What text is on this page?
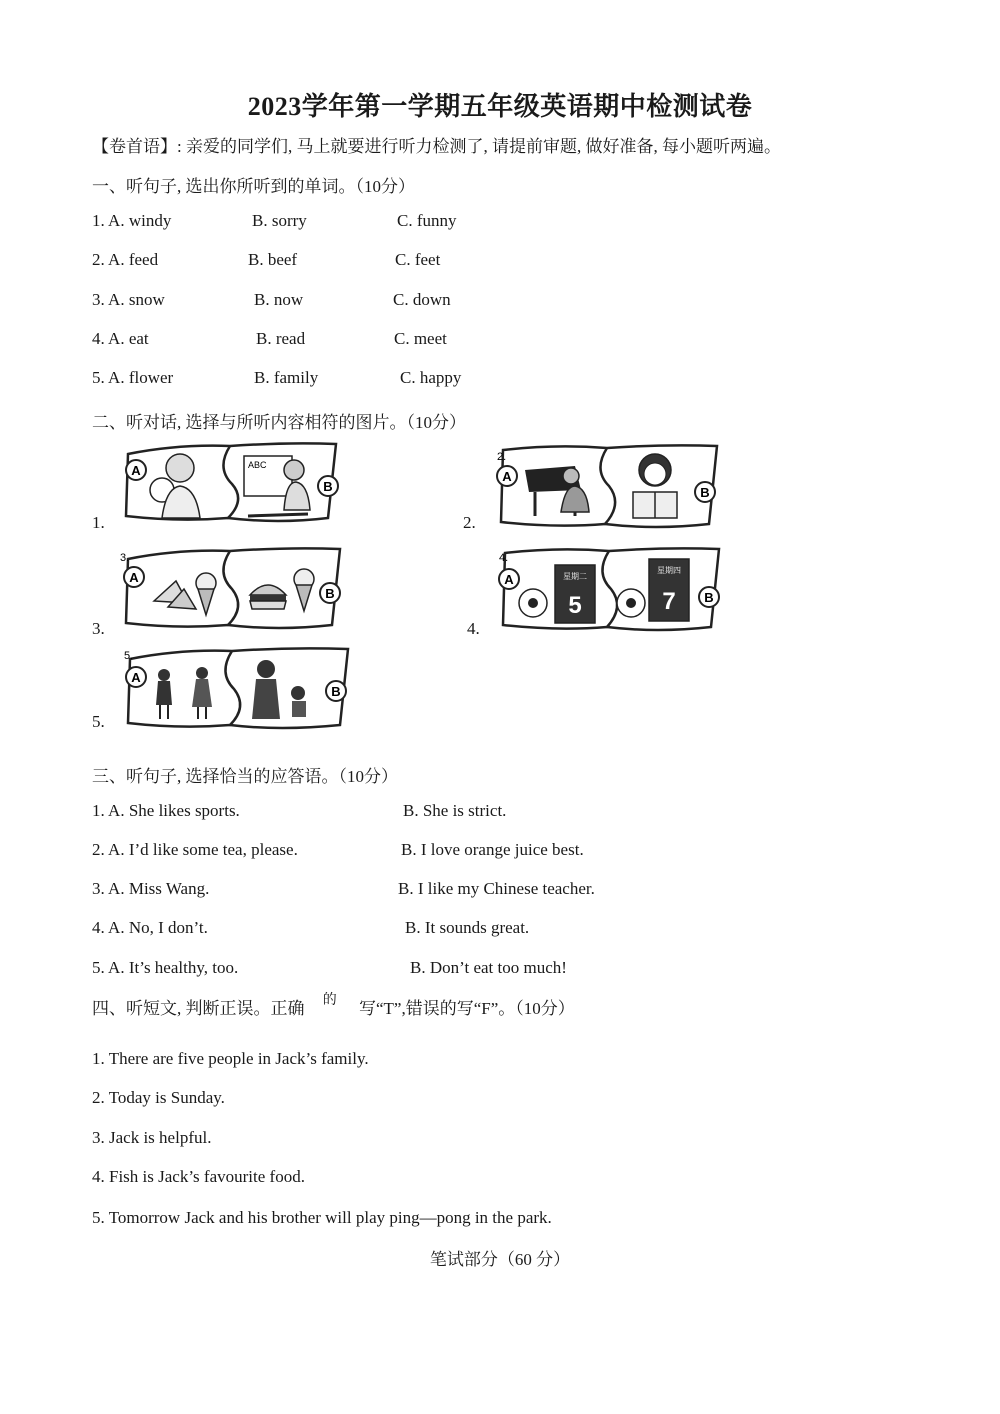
2023学年第一学期五年级英语期中检测试卷
【卷首语】: 亲爱的同学们, 马上就要进行听力检测了, 请提前审题, 做好准备, 每小题听两遍。
一、听句子, 选出你所听到的单词。（10分）
1. A. windy	B. sorry	C. funny
2. A. feed	B. beef	C. feet
3. A. snow	B. now	C. down
4. A. eat	B. read	C. meet
5. A. flower	B. family	C. happy
二、听对话, 选择与所听内容相符的图片。（10分）
1.	2.
3.	4.
5.
A
B
ABC
A
B
2.
A
B
3.
星期二
5
星期四
7
A
B
4.
A
B
5.
三、听句子, 选择恰当的应答语。（10分）
1. A. She likes sports.	B. She is strict.
2. A. I’d like some tea, please.	B. I love orange juice best.
3. A. Miss Wang.	B. I like my Chinese teacher.
4. A. No, I don’t.	B. It sounds great.
5. A. It’s healthy, too.	B. Don’t eat too much!
四、听短文, 判断正误。正确 $^的$ 写“T”,错误的写“F”。（10分）
1. There are five people in Jack’s family.
2. Today is Sunday.
3. Jack is helpful.
4. Fish is Jack’s favourite food.
5. Tomorrow Jack and his brother will play ping—pong in the park.
笔试部分（60 分）
